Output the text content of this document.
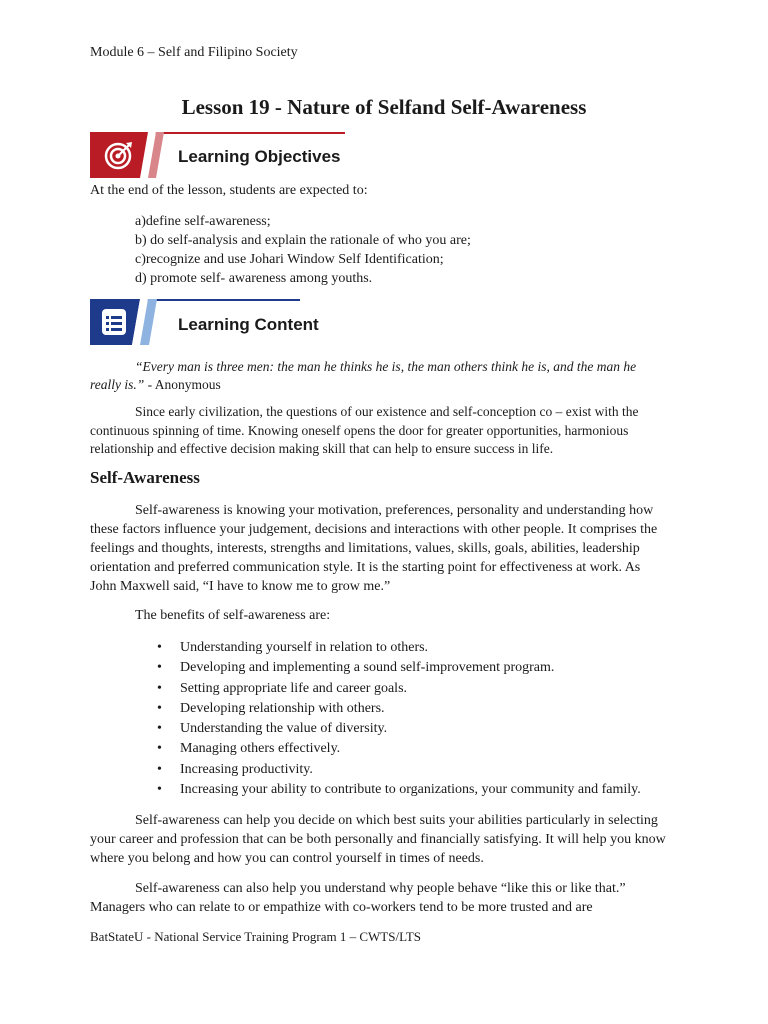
Module 6 – Self and Filipino Society
Lesson 19 - Nature of Selfand Self-Awareness
Learning Objectives
At the end of the lesson, students are expected to:
a)define self-awareness;
b) do self-analysis and explain the rationale of who you are;
c)recognize and use Johari Window Self Identification;
d) promote self- awareness among youths.
Learning Content
“Every man is three men: the man he thinks he is, the man others think he is, and the man he really is.” - Anonymous
Since early civilization, the questions of our existence and self-conception co – exist with the continuous spinning of time. Knowing oneself opens the door for greater opportunities, harmonious relationship and effective decision making skill that can help to ensure success in life.
Self-Awareness
Self-awareness is knowing your motivation, preferences, personality and understanding how these factors influence your judgement, decisions and interactions with other people. It comprises the feelings and thoughts, interests, strengths and limitations, values, skills, goals, abilities, leadership orientation and preferred communication style. It is the starting point for effectiveness at work. As John Maxwell said, “I have to know me to grow me.”
The benefits of self-awareness are:
• Understanding yourself in relation to others.
• Developing and implementing a sound self-improvement program.
• Setting appropriate life and career goals.
• Developing relationship with others.
• Understanding the value of diversity.
• Managing others effectively.
• Increasing productivity.
• Increasing your ability to contribute to organizations, your community and family.
Self-awareness can help you decide on which best suits your abilities particularly in selecting your career and profession that can be both personally and financially satisfying. It will help you know where you belong and how you can control yourself in times of needs.
Self-awareness can also help you understand why people behave “like this or like that.” Managers who can relate to or empathize with co-workers tend to be more trusted and are
BatStateU - National Service Training Program 1 – CWTS/LTS
